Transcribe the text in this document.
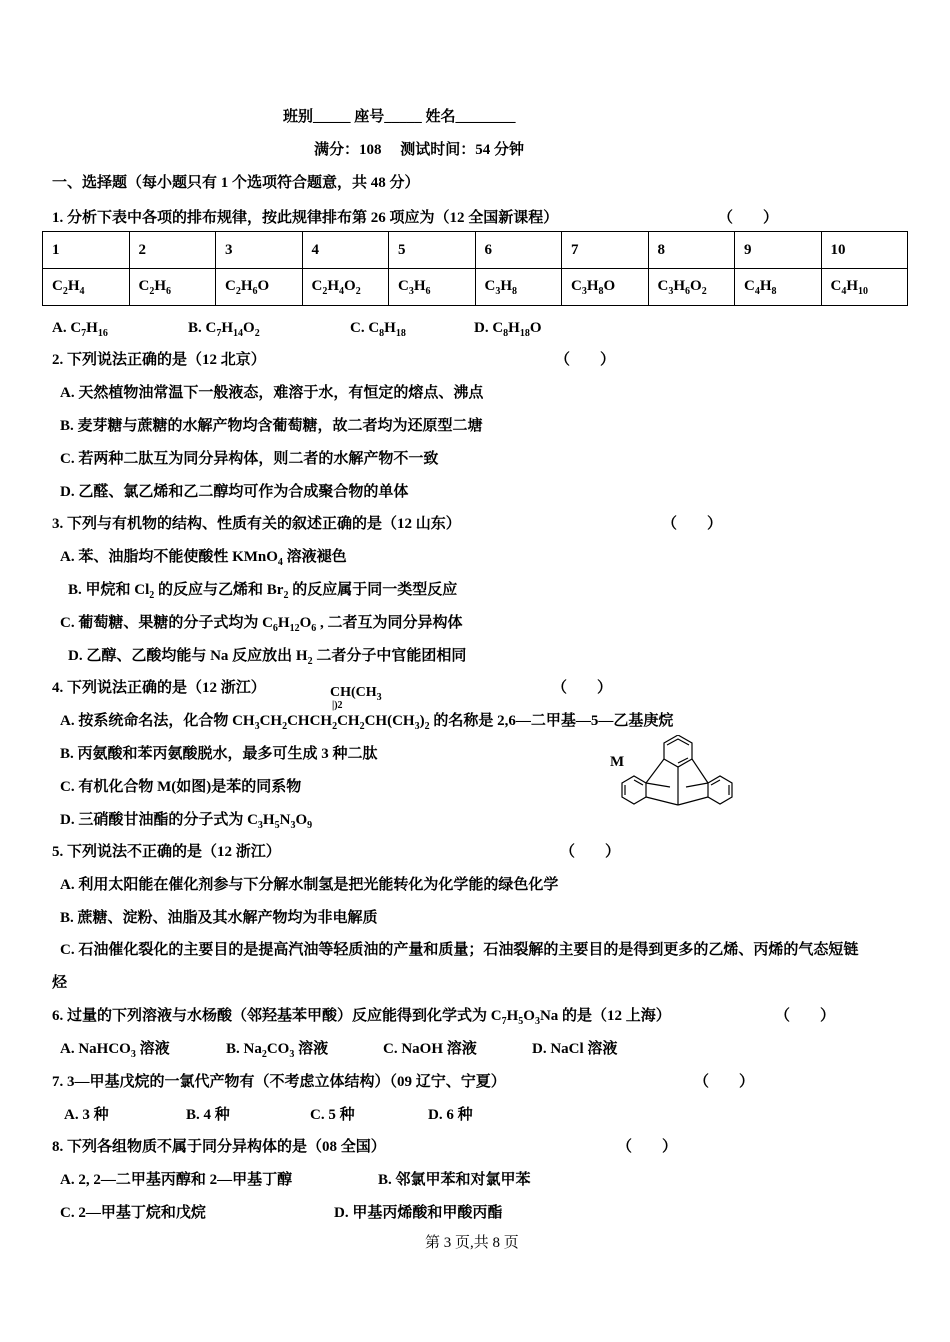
班别_____ 座号_____ 姓名________
满分：108　 测试时间：54 分钟
一、选择题（每小题只有 1 个选项符合题意，共 48 分）
1. 分析下表中各项的排布规律，按此规律排布第 26 项应为（12 全国新课程）	（　　）
1	2	3	4	5	6	7	8	9	10
$C_2H_4$	$C_2H_6$	$C_2H_6O$	$C_2H_4O_2$	$C_3H_6$	$C_3H_8$	$C_3H_8O$	$C_3H_6O_2$	$C_4H_8$	$C_4H_{10}$
A. $C_7H_{16}$	B. $C_7H_{14}O_2$	C. $C_8H_{18}$	D. $C_8H_{18}O$
2. 下列说法正确的是（12 北京）	（　　）
A. 天然植物油常温下一般液态，难溶于水，有恒定的熔点、沸点
B. 麦芽糖与蔗糖的水解产物均含葡萄糖，故二者均为还原型二塘
C. 若两种二肽互为同分异构体，则二者的水解产物不一致
D. 乙醛、氯乙烯和乙二醇均可作为合成聚合物的单体
3. 下列与有机物的结构、性质有关的叙述正确的是（12 山东）	（　　）
A. 苯、油脂均不能使酸性 KMnO$_4$ 溶液褪色
B. 甲烷和 $Cl_2$ 的反应与乙烯和 $Br_2$ 的反应属于同一类型反应
C. 葡萄糖、果糖的分子式均为 $C_6H_{12}O_6$ , 二者互为同分异构体
D. 乙醇、乙酸均能与 Na 反应放出 $H_2$ 二者分子中官能团相同
4. 下列说法正确的是（12 浙江）	$CH(CH_3$
|)2
（　　）
A. 按系统命名法，化合物 $CH_3CH_2CHCH_2CH_2CH(CH_3)_2$ 的名称是 2,6—二甲基—5—乙基庚烷
B. 丙氨酸和苯丙氨酸脱水，最多可生成 3 种二肽
C. 有机化合物 M(如图)是苯的同系物
D. 三硝酸甘油酯的分子式为 $C_3H_5N_3O_9$
M
5. 下列说法不正确的是（12 浙江）	（　　）
A. 利用太阳能在催化剂参与下分解水制氢是把光能转化为化学能的绿色化学
B. 蔗糖、淀粉、油脂及其水解产物均为非电解质
C. 石油催化裂化的主要目的是提高汽油等轻质油的产量和质量；石油裂解的主要目的是得到更多的乙烯、丙烯的气态短链
烃
6. 过量的下列溶液与水杨酸（邻羟基苯甲酸）反应能得到化学式为 $C_7H_5O_3Na$ 的是（12 上海）	（　　）
A. NaHCO$_3$ 溶液	B. $Na_2CO_3$ 溶液	C. NaOH 溶液	D. NaCl 溶液
7. 3—甲基戊烷的一氯代产物有（不考虑立体结构）（09 辽宁、宁夏）	（　　）
A. 3 种	B. 4 种	C. 5 种	D. 6 种
8. 下列各组物质不属于同分异构体的是（08 全国）	（　　）
A. 2, 2—二甲基丙醇和 2—甲基丁醇	B. 邻氯甲苯和对氯甲苯
C. 2—甲基丁烷和戊烷	D. 甲基丙烯酸和甲酸丙酯
第 3 页,共 8 页
